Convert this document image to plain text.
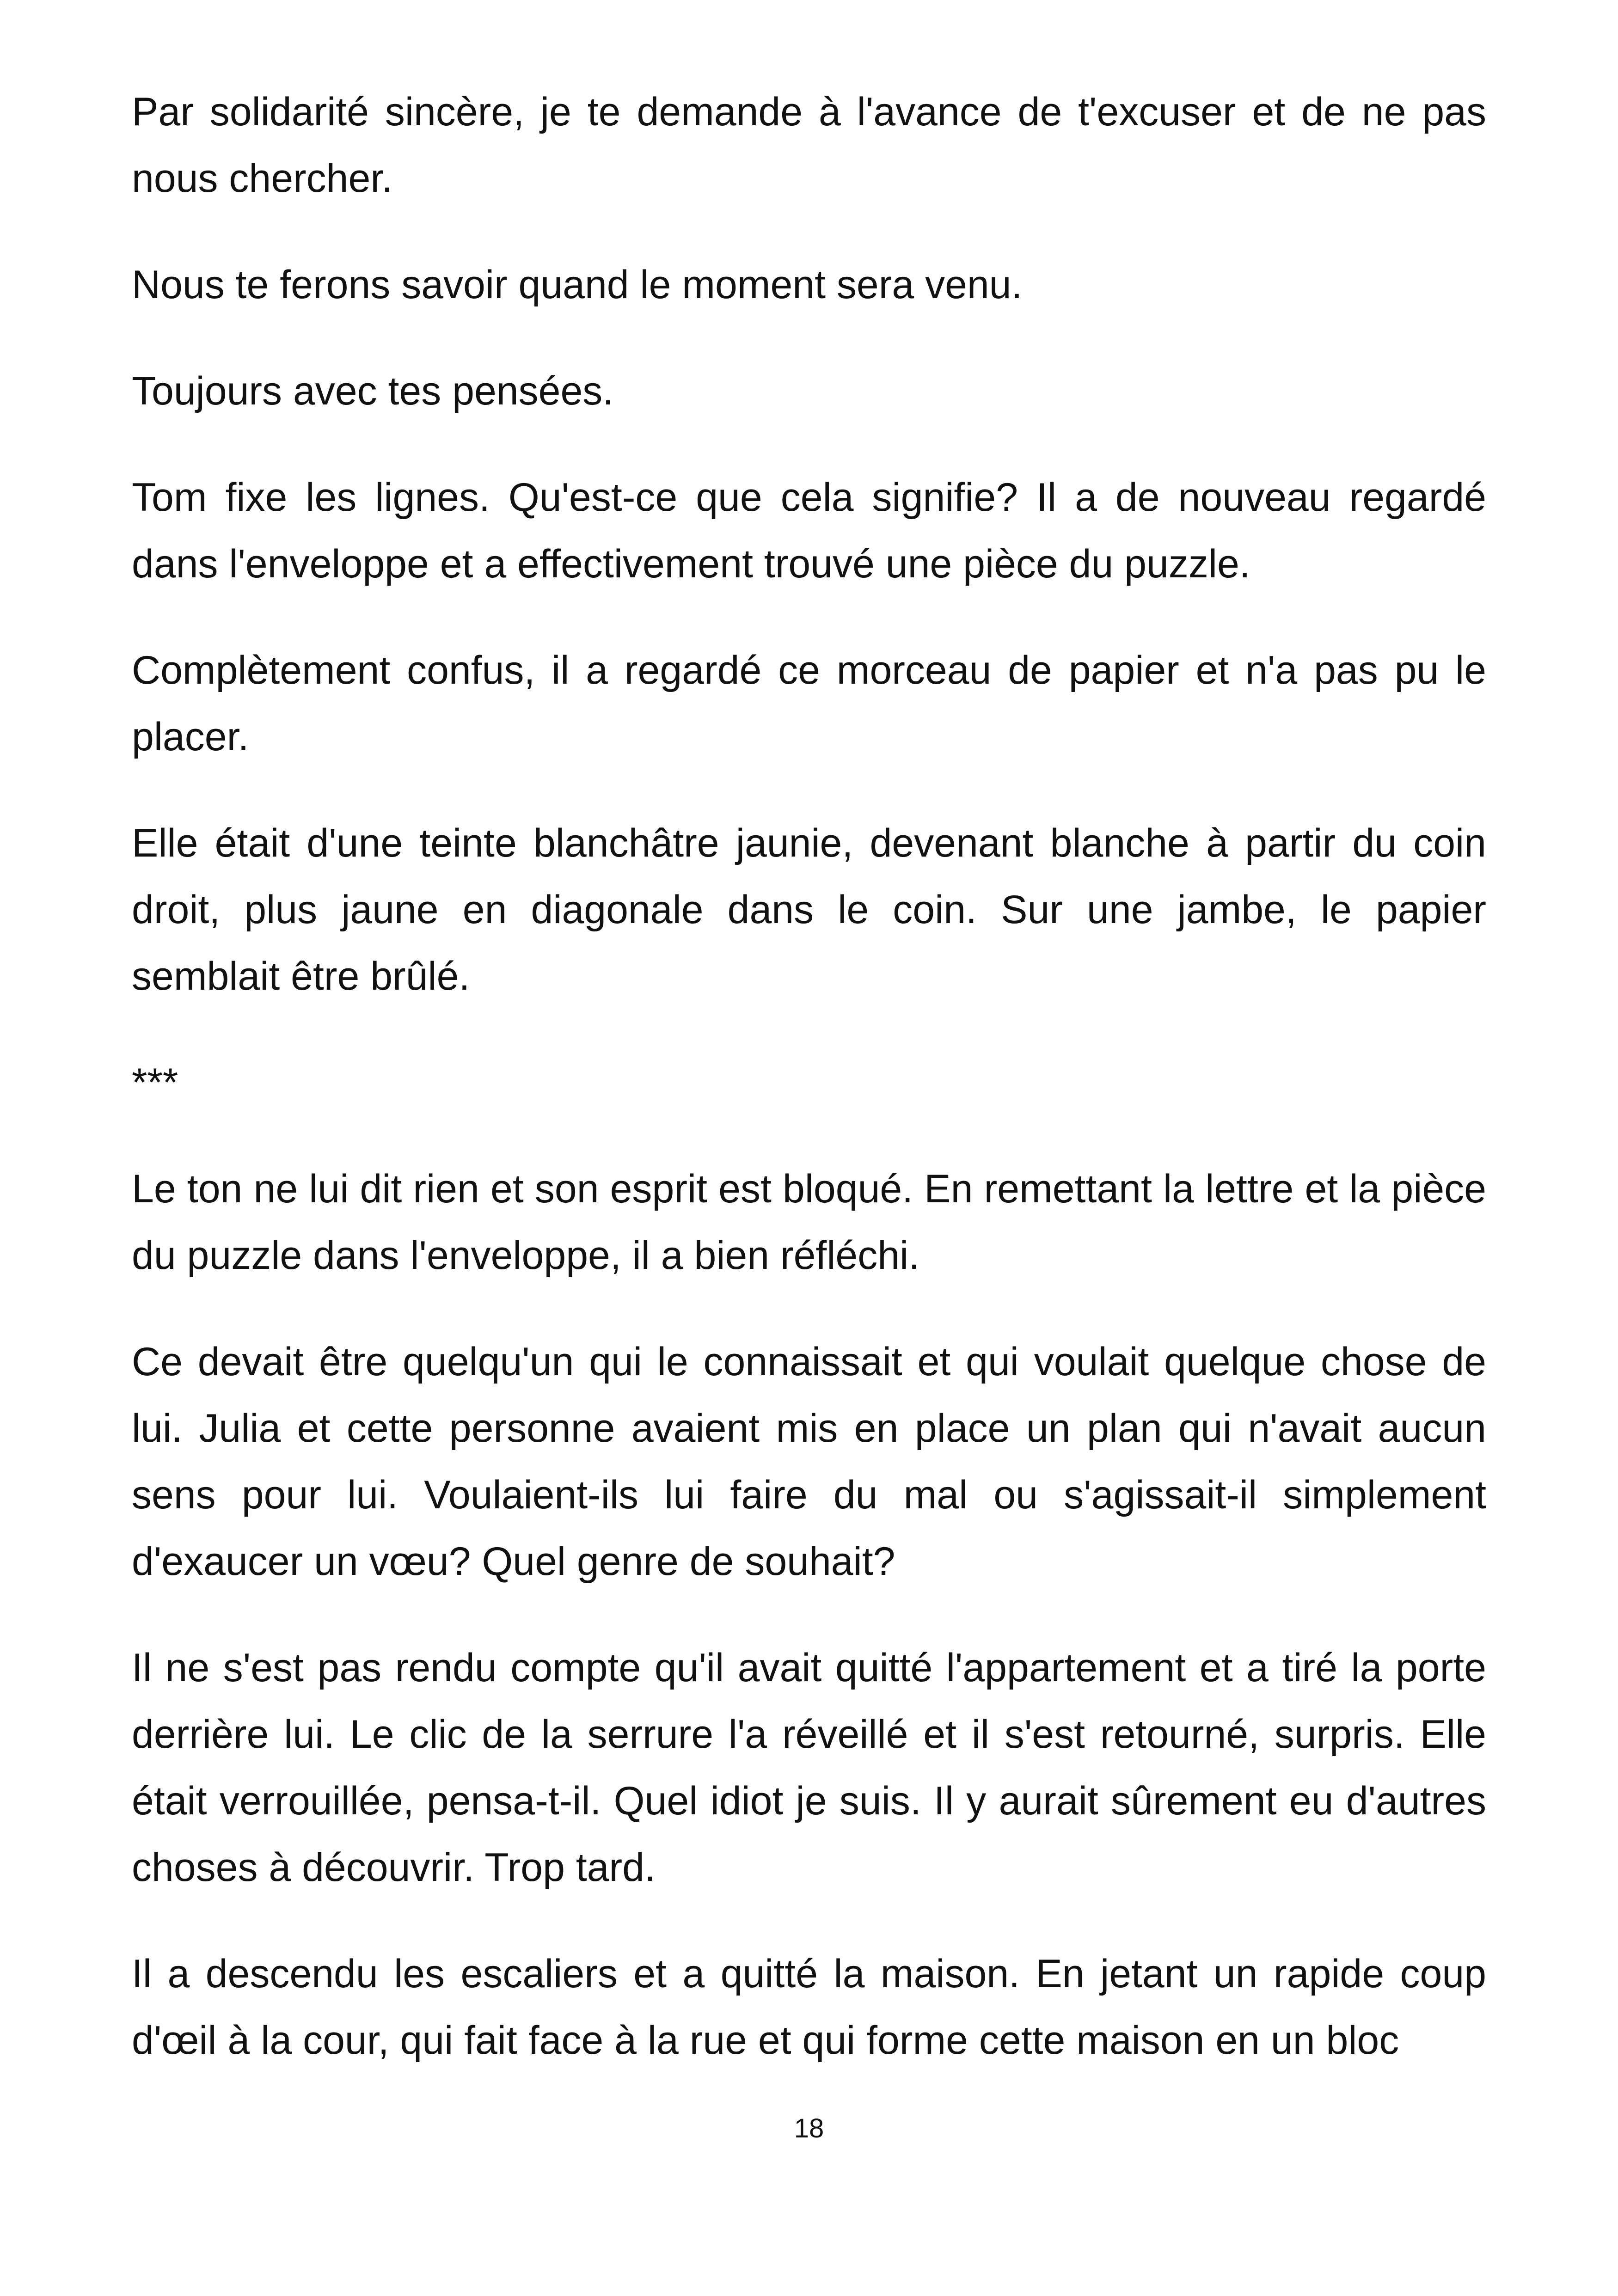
Par solidarité sincère, je te demande à l'avance de t'excuser et de ne pas nous chercher.

Nous te ferons savoir quand le moment sera venu.

Toujours avec tes pensées.

Tom fixe les lignes. Qu'est-ce que cela signifie? Il a de nouveau regardé dans l'enveloppe et a effectivement trouvé une pièce du puzzle.

Complètement confus, il a regardé ce morceau de papier et n'a pas pu le placer.

Elle était d'une teinte blanchâtre jaunie, devenant blanche à partir du coin droit, plus jaune en diagonale dans le coin. Sur une jambe, le papier semblait être brûlé.

***

Le ton ne lui dit rien et son esprit est bloqué. En remettant la lettre et la pièce du puzzle dans l'enveloppe, il a bien réfléchi.

Ce devait être quelqu'un qui le connaissait et qui voulait quelque chose de lui. Julia et cette personne avaient mis en place un plan qui n'avait aucun sens pour lui. Voulaient-ils lui faire du mal ou s'agissait-il simplement d'exaucer un vœu? Quel genre de souhait?

Il ne s'est pas rendu compte qu'il avait quitté l'appartement et a tiré la porte derrière lui. Le clic de la serrure l'a réveillé et il s'est retourné, surpris. Elle était verrouillée, pensa-t-il. Quel idiot je suis. Il y aurait sûrement eu d'autres choses à découvrir. Trop tard.

Il a descendu les escaliers et a quitté la maison. En jetant un rapide coup d'œil à la cour, qui fait face à la rue et qui forme cette maison en un bloc

18
